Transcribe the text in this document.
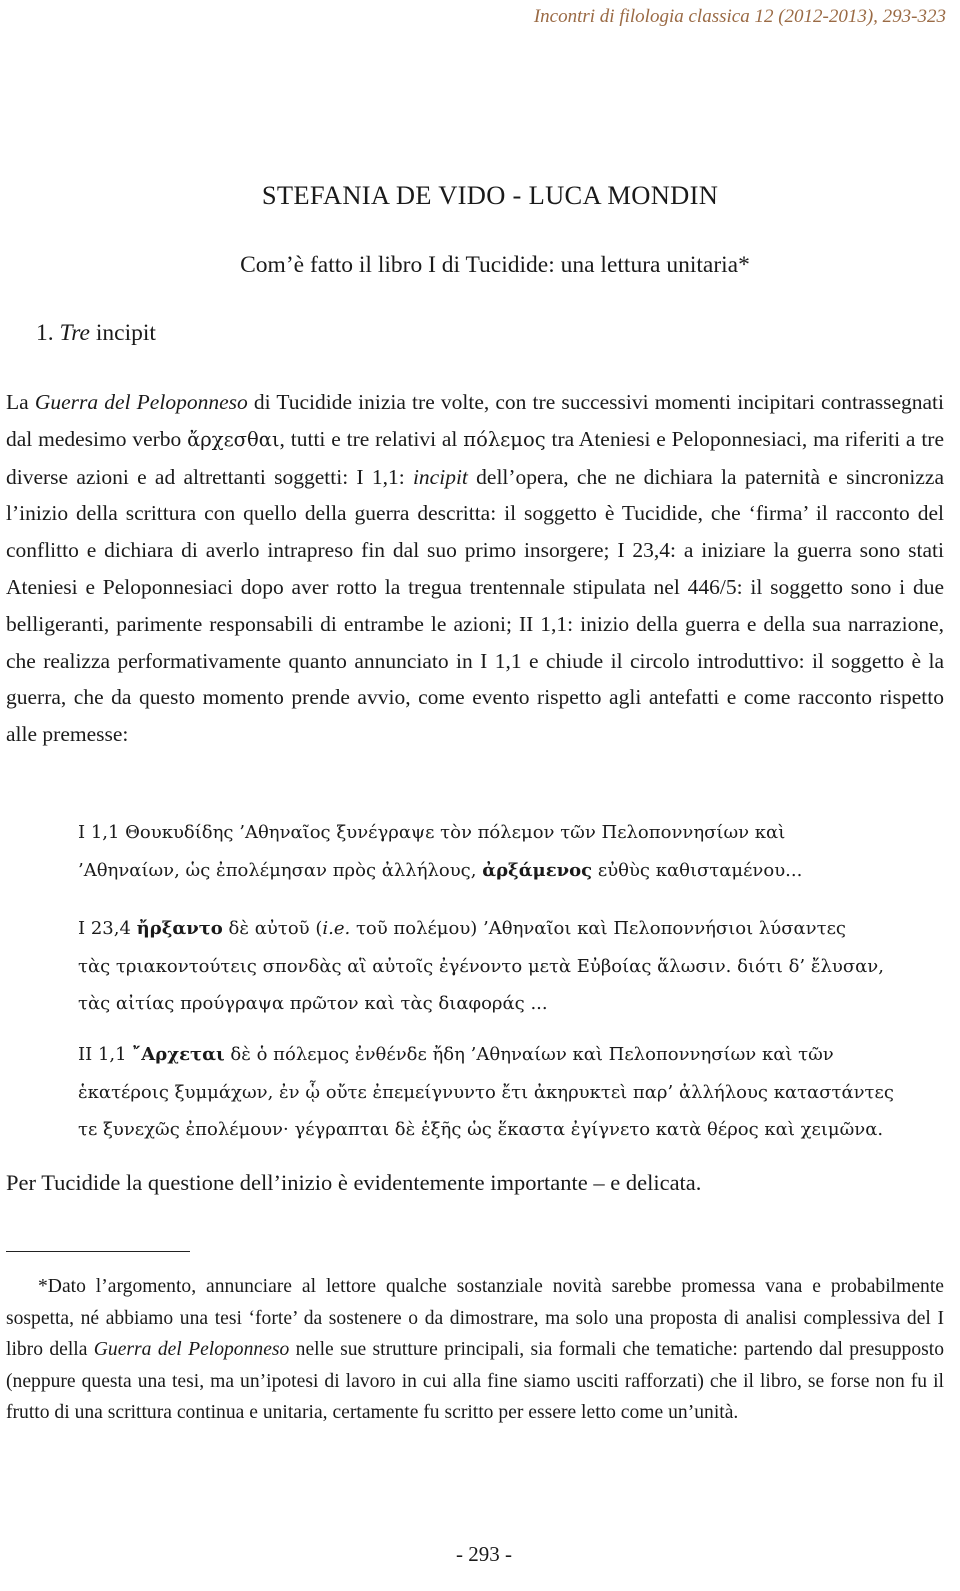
Incontri di filologia classica 12 (2012-2013), 293-323
STEFANIA DE VIDO - LUCA MONDIN
Com’è fatto il libro I di Tucidide: una lettura unitaria*
1. Tre incipit

La Guerra del Peloponneso di Tucidide inizia tre volte, con tre successivi momenti incipitari contrassegnati dal medesimo verbo ἄρχεσθαι, tutti e tre relativi al πόλεμος tra Ateniesi e Peloponnesiaci, ma riferiti a tre diverse azioni e ad altrettanti soggetti: I 1,1: incipit dell’opera, che ne dichiara la paternità e sincronizza l’inizio della scrittura con quello della guerra descritta: il soggetto è Tucidide, che ‘firma’ il racconto del conflitto e dichiara di averlo intrapreso fin dal suo primo insorgere; I 23,4: a iniziare la guerra sono stati Ateniesi e Peloponnesiaci dopo aver rotto la tregua trentennale stipulata nel 446/5: il soggetto sono i due belligeranti, parimente responsabili di entrambe le azioni; II 1,1: inizio della guerra e della sua narrazione, che realizza performativamente quanto annunciato in I 1,1 e chiude il circolo introduttivo: il soggetto è la guerra, che da questo momento prende avvio, come evento rispetto agli antefatti e come racconto rispetto alle premesse:

I 1,1 Θουκυδίδης ’Αθηναῖος ξυνέγραψε τὸν πόλεμον τῶν Πελοποννησίων καὶ
’Αθηναίων, ὡς ἐπολέμησαν πρὸς ἀλλήλους, ἀρξάμενος εὐθὺς καθισταμένου...
I 23,4 ἤρξαντο δὲ αὐτοῦ (i.e. τοῦ πολέμου) ’Αθηναῖοι καὶ Πελοποννήσιοι λύσαντες
τὰς τριακοντούτεις σπονδὰς αἳ αὐτοῖς ἐγένοντο μετὰ Εὐβοίας ἅλωσιν. διότι δ’ ἔλυσαν,
τὰς αἰτίας προύγραψα πρῶτον καὶ τὰς διαφοράς ...
II 1,1 ῎Αρχεται δὲ ὁ πόλεμος ἐνθένδε ἤδη ’Αθηναίων καὶ Πελοποννησίων καὶ τῶν
ἑκατέροις ξυμμάχων, ἐν ᾧ οὔτε ἐπεμείγνυντο ἔτι ἀκηρυκτεὶ παρ’ ἀλλήλους καταστάντες
τε ξυνεχῶς ἐπολέμουν· γέγραπται δὲ ἑξῆς ὡς ἕκαστα ἐγίγνετο κατὰ θέρος καὶ χειμῶνα.

Per Tucidide la questione dell’inizio è evidentemente importante – e delicata.

*Dato l’argomento, annunciare al lettore qualche sostanziale novità sarebbe promessa vana e probabilmente sospetta, né abbiamo una tesi ‘forte’ da sostenere o da dimostrare, ma solo una proposta di analisi complessiva del I libro della Guerra del Peloponneso nelle sue strutture principali, sia formali che tematiche: partendo dal presupposto (neppure questa una tesi, ma un’ipotesi di lavoro in cui alla fine siamo usciti rafforzati) che il libro, se forse non fu il frutto di una scrittura continua e unitaria, certamente fu scritto per essere letto come un’unità.

- 293 -
